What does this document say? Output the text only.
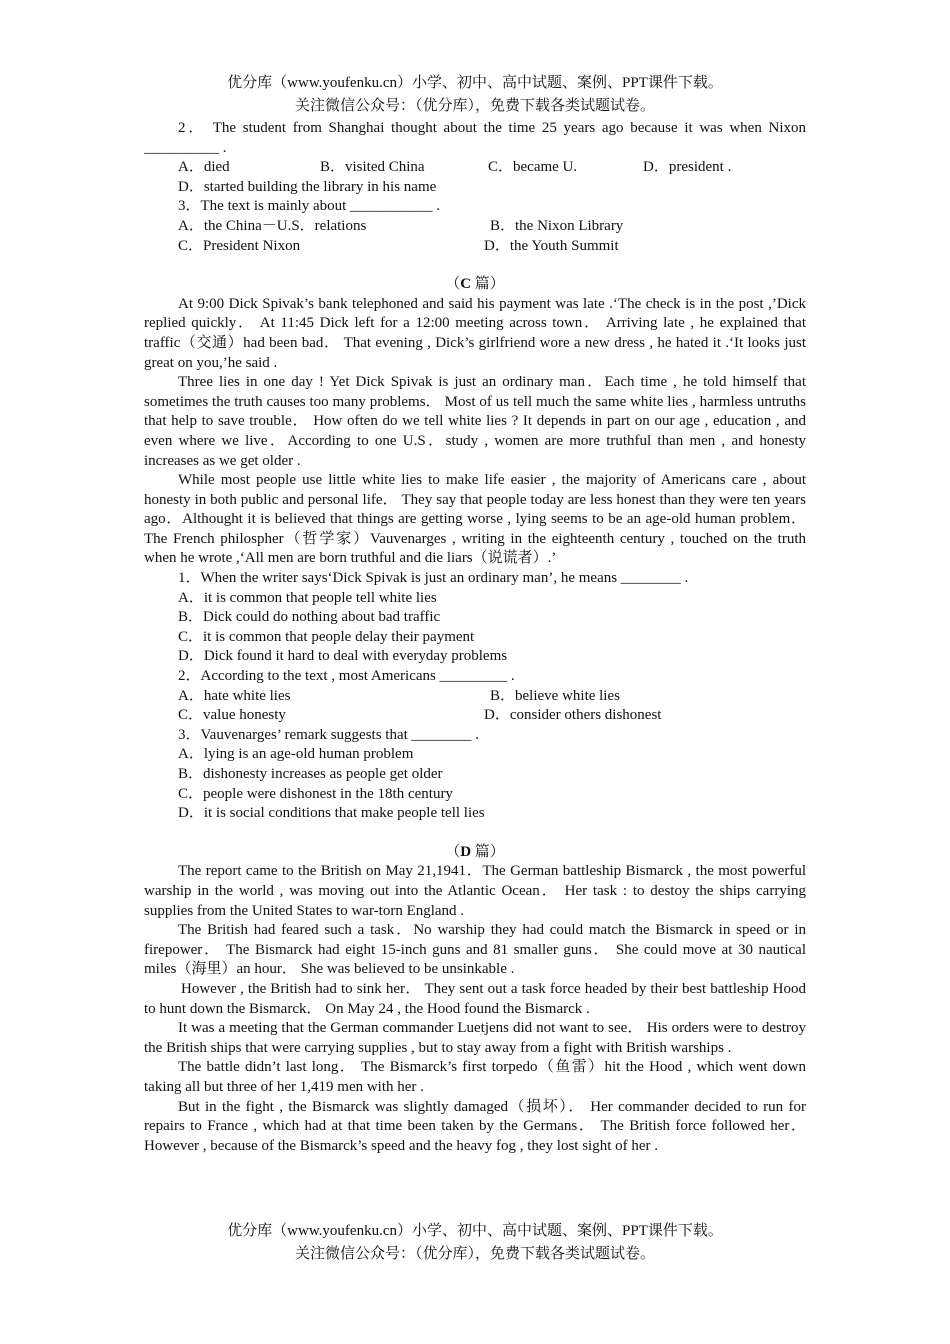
优分库（www.youfenku.cn）小学、初中、高中试题、案例、PPT课件下载。
关注微信公众号：（优分库），免费下载各类试题试卷。

2． The student from Shanghai thought about the time 25 years ago because it was when Nixon __________ .

A．died	B．visited China	C．became U.	D．president .

D．started building the library in his name

3．The text is mainly about ___________ .

A．the China－U.S．relations	B．the Nixon Library
C．President Nixon	D．the Youth Summit

（C 篇）

At 9:00 Dick Spivak’s bank telephoned and said his payment was late .‘The check is in the post ,’Dick replied quickly． At 11:45 Dick left for a 12:00 meeting across town． Arriving late , he explained that traffic（交通）had been bad． That evening , Dick’s girlfriend wore a new dress , he hated it .‘It looks just great on you,’he said .

Three lies in one day ! Yet Dick Spivak is just an ordinary man．Each time , he told himself that sometimes the truth causes too many problems． Most of us tell much the same white lies , harmless untruths that help to save trouble． How often do we tell white lies ? It depends in part on our age , education , and even where we live．According to one U.S．study , women are more truthful than men , and honesty increases as we get older .

While most people use little white lies to make life easier , the majority of Americans care , about honesty in both public and personal life． They say that people today are less honest than they were ten years ago．Althought it is believed that things are getting worse , lying seems to be an age-old human problem． The French philospher（哲学家）Vauvenarges , writing in the eighteenth century , touched on the truth when he wrote ,‘All men are born truthful and die liars（说谎者）.’

1．When the writer says‘Dick Spivak is just an ordinary man’, he means ________ .

A．it is common that people tell white lies

B．Dick could do nothing about bad traffic

C．it is common that people delay their payment

D．Dick found it hard to deal with everyday problems

2．According to the text , most Americans _________ .

A．hate white lies	B．believe white lies
C．value honesty	D．consider others dishonest

3．Vauvenarges’ remark suggests that ________ .

A．lying is an age-old human problem

B．dishonesty increases as people get older

C．people were dishonest in the 18th century

D．it is social conditions that make people tell lies

（D 篇）

The report came to the British on May 21,1941．The German battleship Bismarck , the most powerful warship in the world , was moving out into the Atlantic Ocean． Her task : to destoy the ships carrying supplies from the United States to war-torn England .

The British had feared such a task．No warship they had could match the Bismarck in speed or in firepower． The Bismarck had eight 15-inch guns and 81 smaller guns． She could move at 30 nautical miles（海里）an hour． She was believed to be unsinkable .

However , the British had to sink her． They sent out a task force headed by their best battleship Hood to hunt down the Bismarck． On May 24 , the Hood found the Bismarck .

It was a meeting that the German commander Luetjens did not want to see． His orders were to destroy the British ships that were carrying supplies , but to stay away from a fight with British warships .

The battle didn’t last long． The Bismarck’s first torpedo（鱼雷）hit the Hood , which went down taking all but three of her 1,419 men with her .

But in the fight , the Bismarck was slightly damaged（损坏）． Her commander decided to run for repairs to France , which had at that time been taken by the Germans． The British force followed her． However , because of the Bismarck’s speed and the heavy fog , they lost sight of her .

优分库（www.youfenku.cn）小学、初中、高中试题、案例、PPT课件下载。
关注微信公众号：（优分库），免费下载各类试题试卷。
